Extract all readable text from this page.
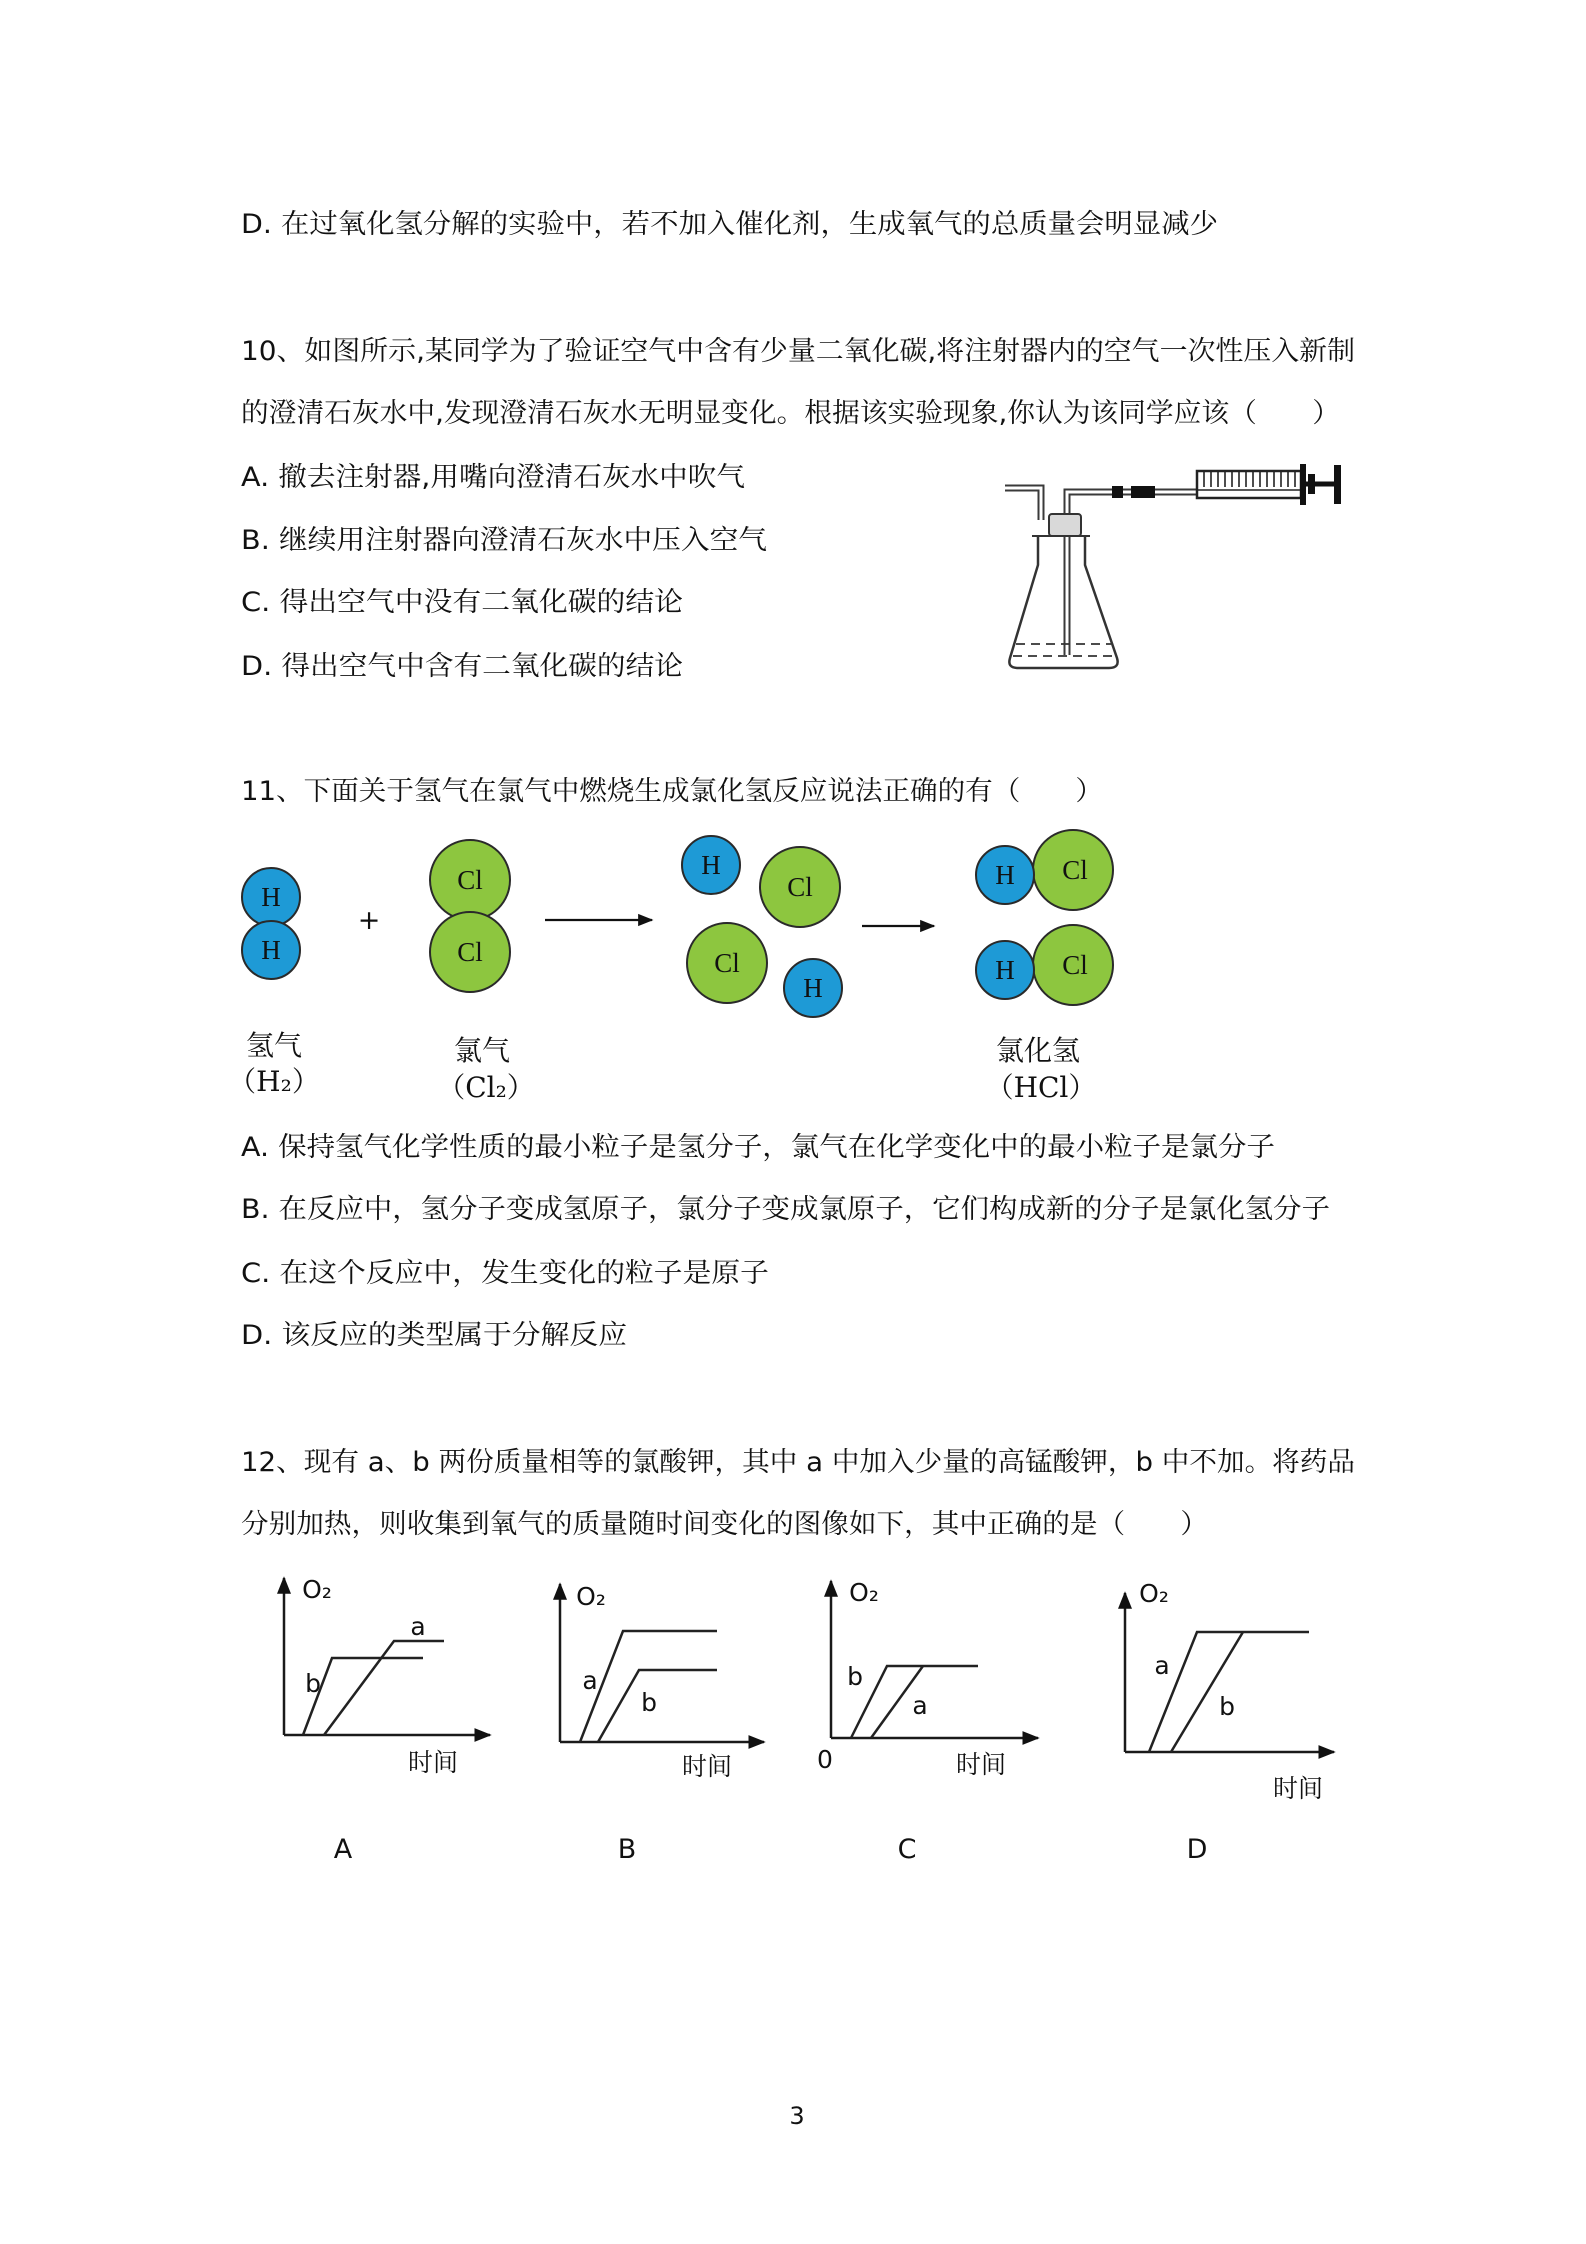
D. 在过氧化氢分解的实验中，若不加入催化剂，生成氧气的总质量会明显减少
10、如图所示,某同学为了验证空气中含有少量二氧化碳,将注射器内的空气一次性压入新制
的澄清石灰水中,发现澄清石灰水无明显变化。根据该实验现象,你认为该同学应该（　　）
A. 撤去注射器,用嘴向澄清石灰水中吹气
B. 继续用注射器向澄清石灰水中压入空气
C. 得出空气中没有二氧化碳的结论
D. 得出空气中含有二氧化碳的结论
11、下面关于氢气在氯气中燃烧生成氯化氢反应说法正确的有（　　）
H
H
+
Cl
Cl
H
Cl
Cl
H
H Cl
H Cl
氢气
（H₂）
氯气
（Cl₂）
氯化氢
（HCl）
A. 保持氢气化学性质的最小粒子是氢分子，氯气在化学变化中的最小粒子是氯分子
B. 在反应中，氢分子变成氢原子，氯分子变成氯原子，它们构成新的分子是氯化氢分子
C. 在这个反应中，发生变化的粒子是原子
D. 该反应的类型属于分解反应
12、现有 a、b 两份质量相等的氯酸钾，其中 a 中加入少量的高锰酸钾，b 中不加。将药品
分别加热，则收集到氧气的质量随时间变化的图像如下，其中正确的是（　　）
O₂
时间
a
b
A
O₂
时间
a
b
B
O₂
0	时间
b
a
C
O₂
时间
a
b
D
3
